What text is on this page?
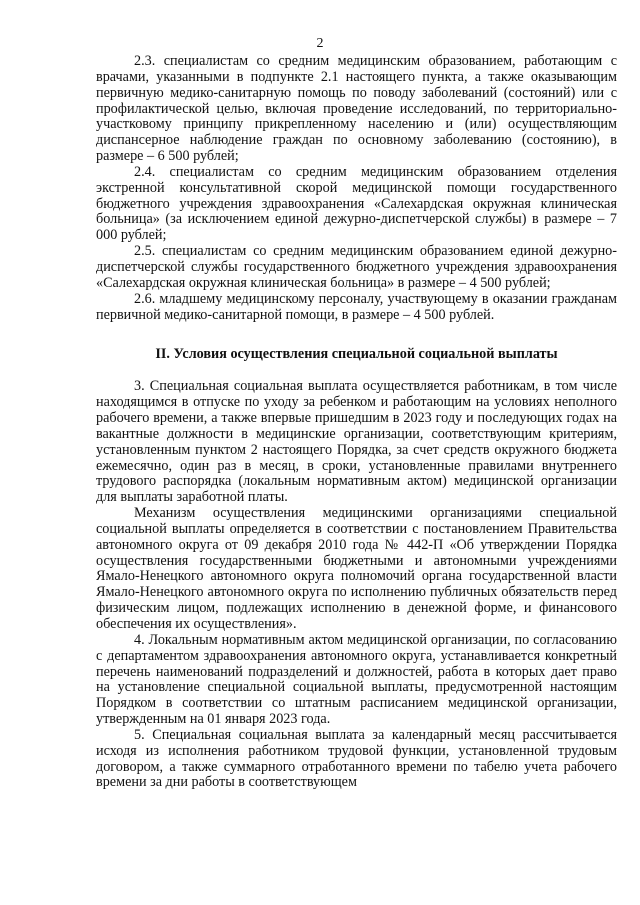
2

2.3. специалистам со средним медицинским образованием, работающим с врачами, указанными в подпункте 2.1 настоящего пункта, а также оказывающим первичную медико-санитарную помощь по поводу заболеваний (состояний) или с профилактической целью, включая проведение исследований, по территориально-участковому принципу прикрепленному населению и (или) осуществляющим диспансерное наблюдение граждан по основному заболеванию (состоянию), в размере – 6 500 рублей;

2.4. специалистам со средним медицинским образованием отделения экстренной консультативной скорой медицинской помощи государственного бюджетного учреждения здравоохранения «Салехардская окружная клиническая больница» (за исключением единой дежурно-диспетчерской службы) в размере – 7 000 рублей;

2.5. специалистам со средним медицинским образованием единой дежурно-диспетчерской службы государственного бюджетного учреждения здравоохранения «Салехардская окружная клиническая больница» в размере – 4 500 рублей;

2.6. младшему медицинскому персоналу, участвующему в оказании гражданам первичной медико-санитарной помощи, в размере – 4 500 рублей.

II. Условия осуществления специальной социальной выплаты

3. Специальная социальная выплата осуществляется работникам, в том числе находящимся в отпуске по уходу за ребенком и работающим на условиях неполного рабочего времени, а также впервые пришедшим в 2023 году и последующих годах на вакантные должности в медицинские организации, соответствующим критериям, установленным пунктом 2 настоящего Порядка, за счет средств окружного бюджета ежемесячно, один раз в месяц, в сроки, установленные правилами внутреннего трудового распорядка (локальным нормативным актом) медицинской организации для выплаты заработной платы.

Механизм осуществления медицинскими организациями специальной социальной выплаты определяется в соответствии с постановлением Правительства автономного округа от 09 декабря 2010 года № 442-П «Об утверждении Порядка осуществления государственными бюджетными и автономными учреждениями Ямало-Ненецкого автономного округа полномочий органа государственной власти Ямало-Ненецкого автономного округа по исполнению публичных обязательств перед физическим лицом, подлежащих исполнению в денежной форме, и финансового обеспечения их осуществления».

4. Локальным нормативным актом медицинской организации, по согласованию с департаментом здравоохранения автономного округа, устанавливается конкретный перечень наименований подразделений и должностей, работа в которых дает право на установление специальной социальной выплаты, предусмотренной настоящим Порядком в соответствии со штатным расписанием медицинской организации, утвержденным на 01 января 2023 года.

5. Специальная социальная выплата за календарный месяц рассчитывается исходя из исполнения работником трудовой функции, установленной трудовым договором, а также суммарного отработанного времени по табелю учета рабочего времени за дни работы в соответствующем
